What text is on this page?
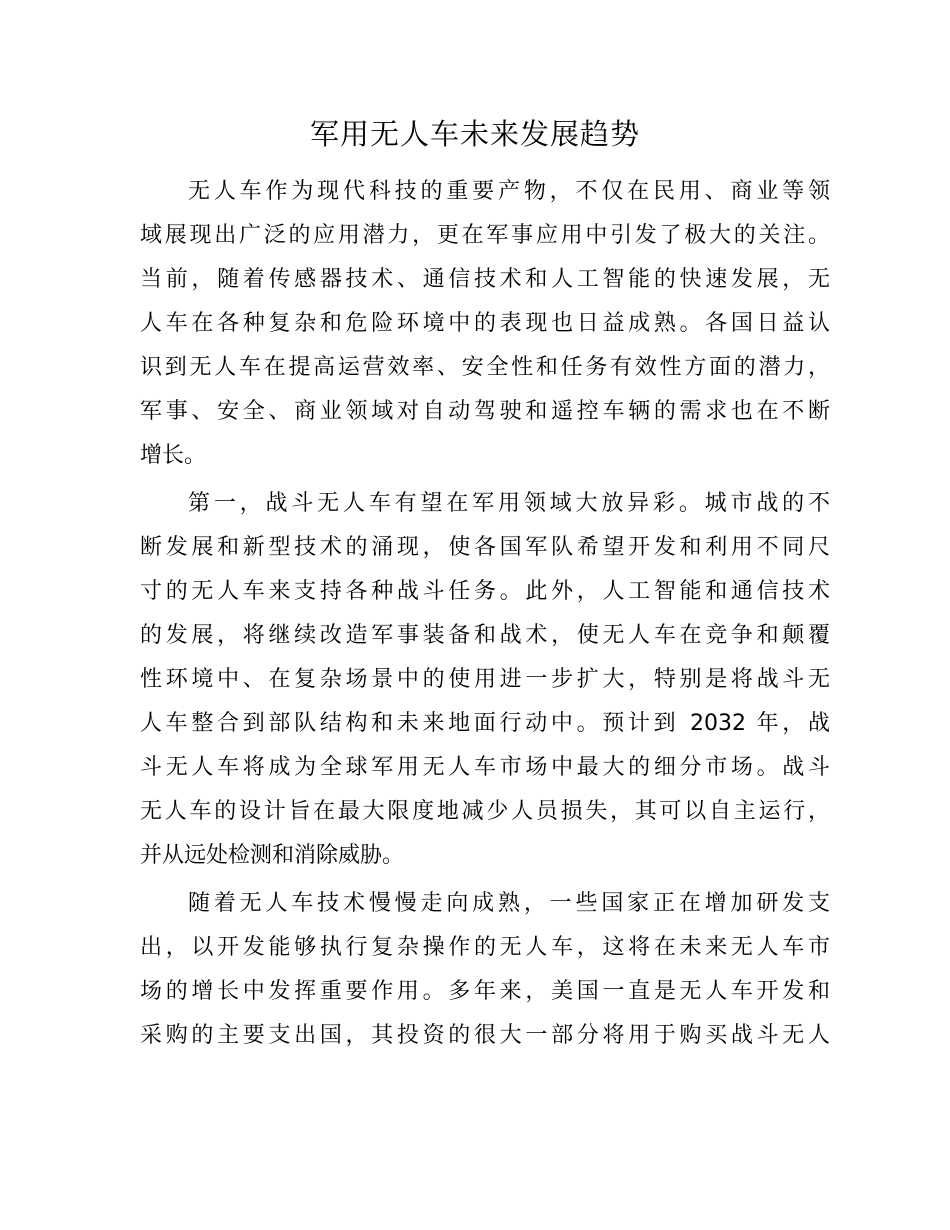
军用无人车未来发展趋势
无人车作为现代科技的重要产物，不仅在民用、商业等领
域展现出广泛的应用潜力，更在军事应用中引发了极大的关注。
当前，随着传感器技术、通信技术和人工智能的快速发展，无
人车在各种复杂和危险环境中的表现也日益成熟。各国日益认
识到无人车在提高运营效率、安全性和任务有效性方面的潜力，
军事、安全、商业领域对自动驾驶和遥控车辆的需求也在不断
增长。
第一，战斗无人车有望在军用领域大放异彩。城市战的不
断发展和新型技术的涌现，使各国军队希望开发和利用不同尺
寸的无人车来支持各种战斗任务。此外，人工智能和通信技术
的发展，将继续改造军事装备和战术，使无人车在竞争和颠覆
性环境中、在复杂场景中的使用进一步扩大，特别是将战斗无
人车整合到部队结构和未来地面行动中。预计到 2032 年，战
斗无人车将成为全球军用无人车市场中最大的细分市场。战斗
无人车的设计旨在最大限度地减少人员损失，其可以自主运行，
并从远处检测和消除威胁。
随着无人车技术慢慢走向成熟，一些国家正在增加研发支
出，以开发能够执行复杂操作的无人车，这将在未来无人车市
场的增长中发挥重要作用。多年来，美国一直是无人车开发和
采购的主要支出国，其投资的很大一部分将用于购买战斗无人
